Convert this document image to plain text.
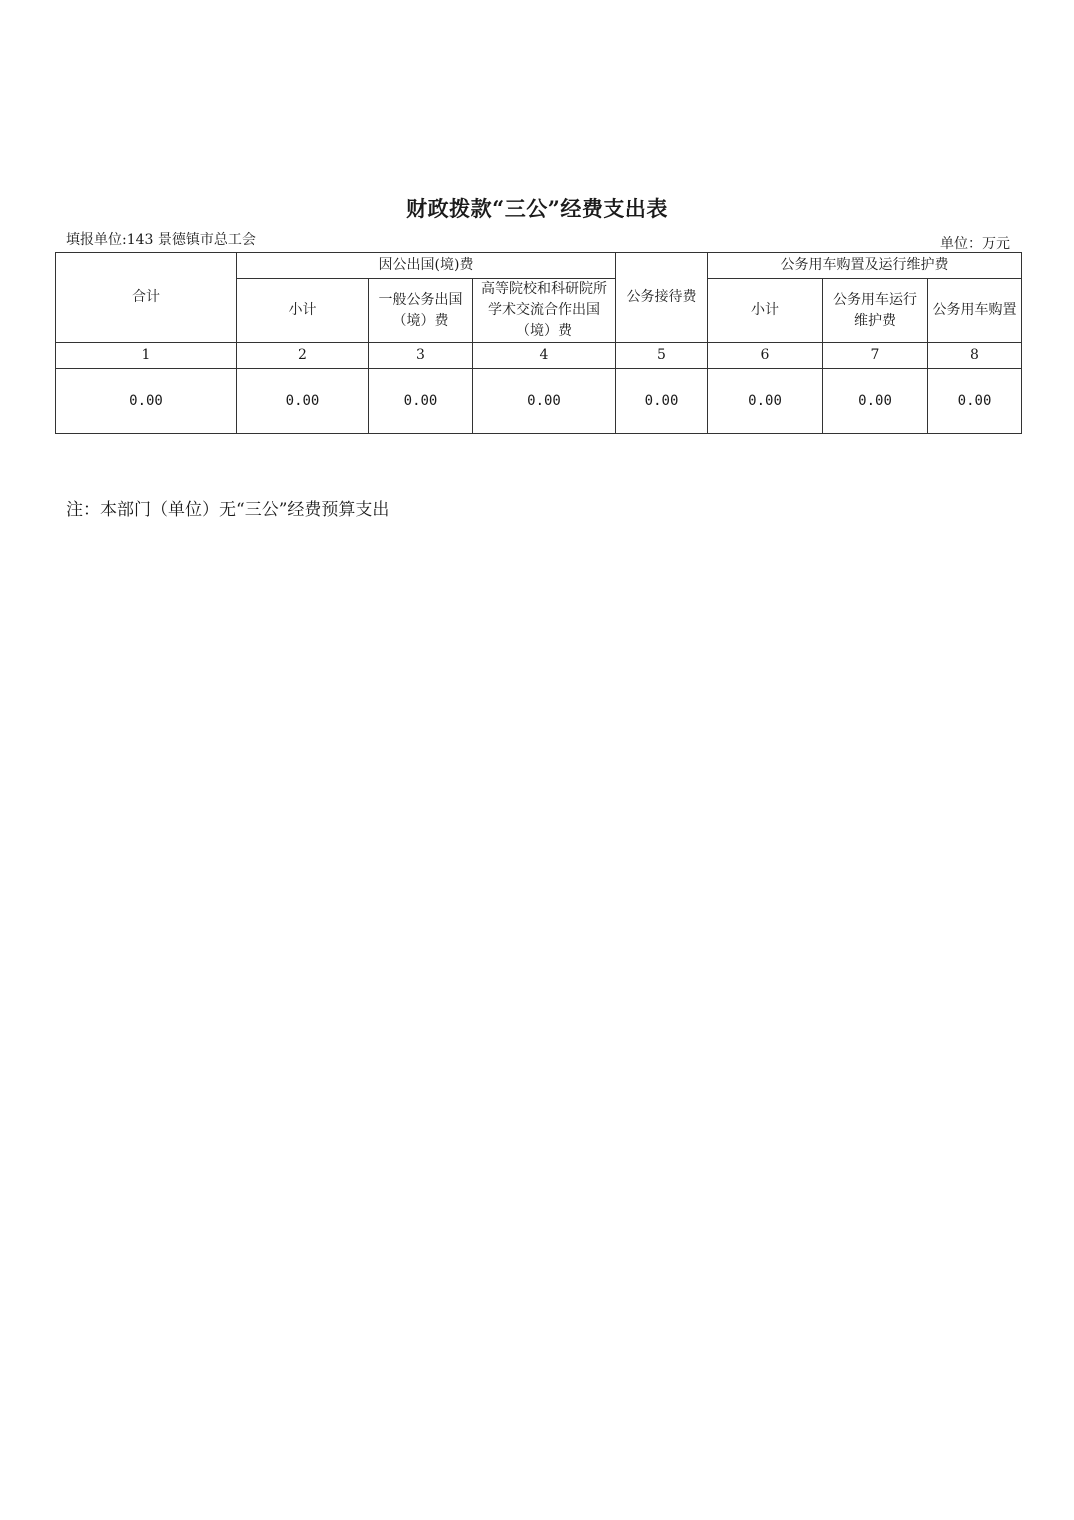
财政拨款“三公”经费支出表
填报单位:143 景德镇市总工会	单位：万元
合计	因公出国(境)费			公务接待费	公务用车购置及运行维护费		
	小计	一般公务出国（境）费	高等院校和科研院所学术交流合作出国（境）费		小计	公务用车运行维护费	公务用车购置
1	2	3	4	5	6	7	8
0.00	0.00	0.00	0.00	0.00	0.00	0.00	0.00
注：本部门（单位）无“三公”经费预算支出
